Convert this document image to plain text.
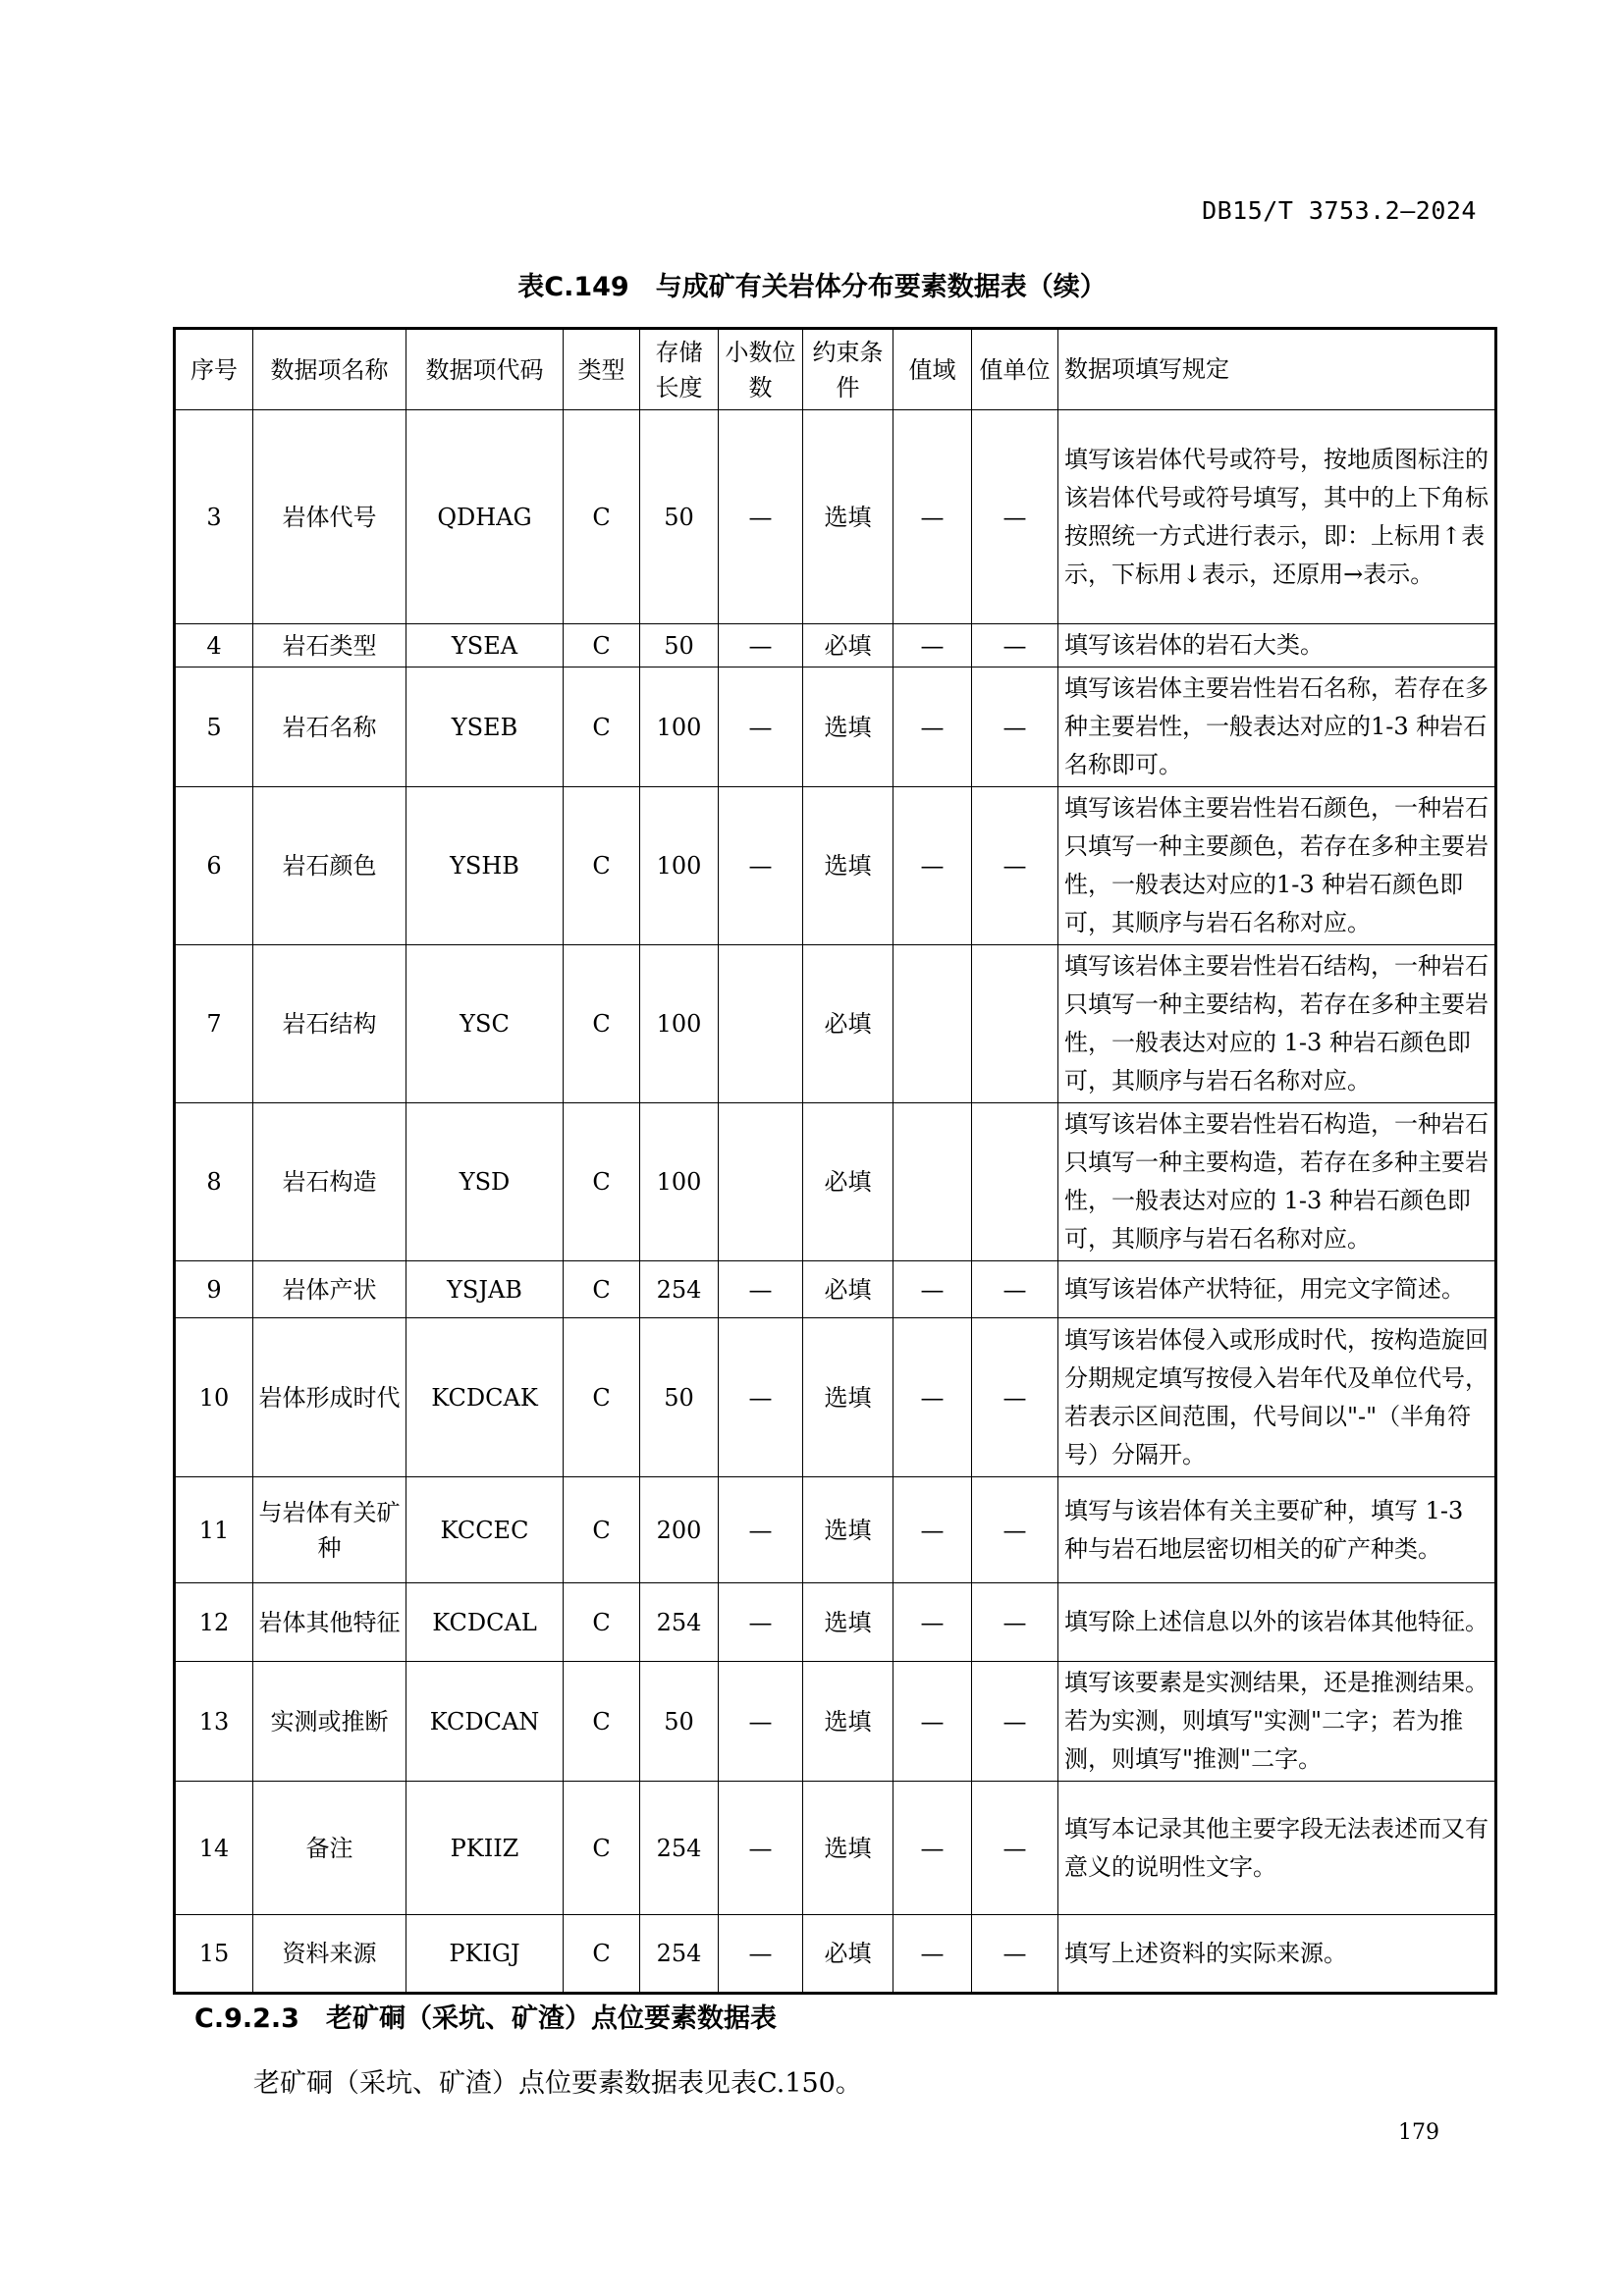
DB15/T 3753.2—2024
表C.149　与成矿有关岩体分布要素数据表（续）
序号	数据项名称	数据项代码	类型	存储长度	小数位数	约束条件	值域	值单位	数据项填写规定
3	岩体代号	QDHAG	C	50	—	选填	—	—	填写该岩体代号或符号，按地质图标注的该岩体代号或符号填写，其中的上下角标按照统一方式进行表示，即：上标用↑表示，下标用↓表示，还原用→表示。
4	岩石类型	YSEA	C	50	—	必填	—	—	填写该岩体的岩石大类。
5	岩石名称	YSEB	C	100	—	选填	—	—	填写该岩体主要岩性岩石名称，若存在多种主要岩性，一般表达对应的1-3 种岩石名称即可。
6	岩石颜色	YSHB	C	100	—	选填	—	—	填写该岩体主要岩性岩石颜色，一种岩石只填写一种主要颜色，若存在多种主要岩性，一般表达对应的1-3 种岩石颜色即可，其顺序与岩石名称对应。
7	岩石结构	YSC	C	100		必填			填写该岩体主要岩性岩石结构，一种岩石只填写一种主要结构，若存在多种主要岩性，一般表达对应的 1-3 种岩石颜色即可，其顺序与岩石名称对应。
8	岩石构造	YSD	C	100		必填			填写该岩体主要岩性岩石构造，一种岩石只填写一种主要构造，若存在多种主要岩性，一般表达对应的 1-3 种岩石颜色即可，其顺序与岩石名称对应。
9	岩体产状	YSJAB	C	254	—	必填	—	—	填写该岩体产状特征，用完文字简述。
10	岩体形成时代	KCDCAK	C	50	—	选填	—	—	填写该岩体侵入或形成时代，按构造旋回分期规定填写按侵入岩年代及单位代号，若表示区间范围，代号间以"-"（半角符号）分隔开。
11	与岩体有关矿种	KCCEC	C	200	—	选填	—	—	填写与该岩体有关主要矿种，填写 1-3 种与岩石地层密切相关的矿产种类。
12	岩体其他特征	KCDCAL	C	254	—	选填	—	—	填写除上述信息以外的该岩体其他特征。
13	实测或推断	KCDCAN	C	50	—	选填	—	—	填写该要素是实测结果，还是推测结果。若为实测，则填写"实测"二字；若为推测，则填写"推测"二字。
14	备注	PKIIZ	C	254	—	选填	—	—	填写本记录其他主要字段无法表述而又有意义的说明性文字。
15	资料来源	PKIGJ	C	254	—	必填	—	—	填写上述资料的实际来源。
C.9.2.3　老矿硐（采坑、矿渣）点位要素数据表
老矿硐（采坑、矿渣）点位要素数据表见表C.150。
179
